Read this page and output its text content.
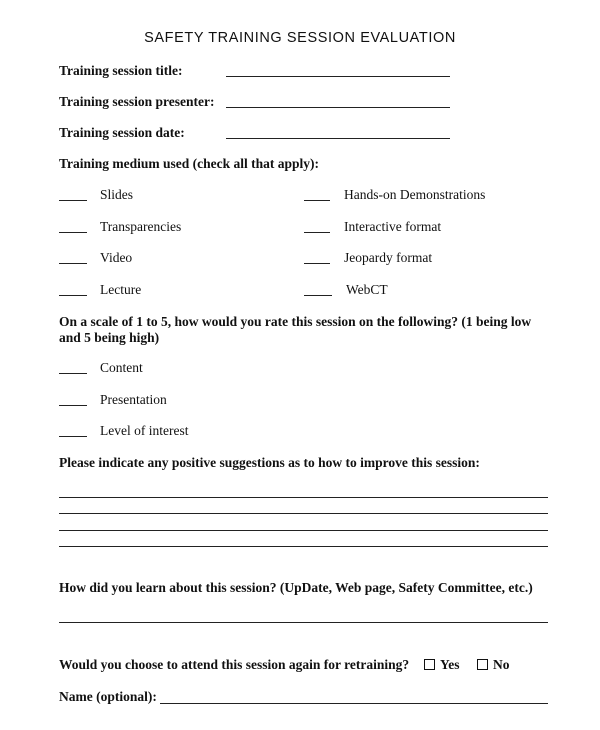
SAFETY TRAINING SESSION EVALUATION
Training session title:
Training session presenter:
Training session date:
Training medium used (check all that apply):
Slides	Hands-on Demonstrations
Transparencies	Interactive format
Video	Jeopardy format
Lecture	WebCT
On a scale of 1 to 5, how would you rate this session on the following? (1 being low
and 5 being high)
Content
Presentation
Level of interest
Please indicate any positive suggestions as to how to improve this session:
How did you learn about this session? (UpDate, Web page, Safety Committee, etc.)
Would you choose to attend this session again for retraining?	Yes	No
Name (optional):
